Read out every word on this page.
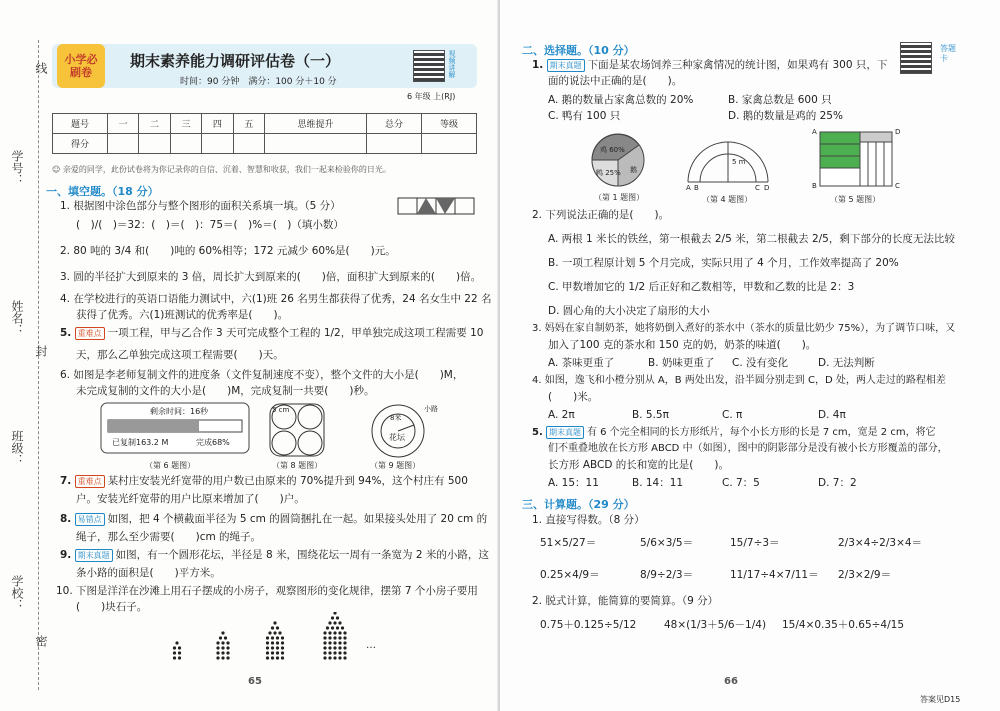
线
学号：
姓名：
封
班级：
学校：
密
小学必刷卷
期末素养能力调研评估卷（一）
时间：90 分钟　满分：100 分＋10 分
6 年级 上(RJ)
视频讲解
题号	一	二	三	四	五	思维提升	总分	等级
得分								
☺ 亲爱的同学，此份试卷将为你记录你的自信、沉着、智慧和收获，我们一起来检验你的日光。
一、填空题。（18 分）
1. 根据图中涂色部分与整个图形的面积关系填一填。（5 分）
(　)/(　)＝32：(　)＝(　)：75＝(　)%＝(　)（填小数）
2. 80 吨的 3/4 和(　　)吨的 60%相等；172 元减少 60%是(　　)元。
3. 圆的半径扩大到原来的 3 倍，周长扩大到原来的(　　)倍，面积扩大到原来的(　　)倍。
4. 在学校进行的英语口语能力测试中，六(1)班 26 名男生都获得了优秀，24 名女生中 22 名
获得了优秀。六(1)班测试的优秀率是(　　)。
5. 重难点 一项工程，甲与乙合作 3 天可完成整个工程的 1/2，甲单独完成这项工程需要 10
天，那么乙单独完成这项工程需要(　　)天。
6. 如图是李老师复制文件的进度条（文件复制速度不变），整个文件的大小是(　　)M，
未完成复制的文件的大小是(　　)M，完成复制一共要(　　)秒。
剩余时间：16秒
已复制163.2 M	完成68%
（第 6 题图）
5 cm
（第 8 题图）
8米
花坛
小路
（第 9 题图）
7. 重难点 某村庄安装光纤宽带的用户数已由原来的 70%提升到 94%，这个村庄有 500
户。安装光纤宽带的用户比原来增加了(　　)户。
8. 易错点 如图，把 4 个横截面半径为 5 cm 的圆筒捆扎在一起。如果接头处用了 20 cm 的
绳子，那么至少需要(　　)cm 的绳子。
9. 期末真题 如图，有一个圆形花坛，半径是 8 米，围绕花坛一周有一条宽为 2 米的小路，这
条小路的面积是(　　)平方米。
10. 下图是洋洋在沙滩上用石子摆成的小房子，观察图形的变化规律，摆第 7 个小房子要用
(　　)块石子。
…
65
二、选择题。（10 分）	答题卡
1. 期末真题 下面是某农场饲养三种家禽情况的统计图，如果鸡有 300 只，下
面的说法中正确的是(　　)。
A. 鹅的数量占家禽总数的 20%	B. 家禽总数是 600 只
C. 鸭有 100 只	D. 鹅的数量是鸡的 25%
鸡 60%
鸭 25% 鹅
（第 1 题图）
5 m
A B	C D
（第 4 题图）
A
B	C
D
（第 5 题图）
2. 下列说法正确的是(　　)。
A. 两根 1 米长的铁丝，第一根截去 2/5 米，第二根截去 2/5，剩下部分的长度无法比较
B. 一项工程原计划 5 个月完成，实际只用了 4 个月，工作效率提高了 20%
C. 甲数增加它的 1/2 后正好和乙数相等，甲数和乙数的比是 2：3
D. 圆心角的大小决定了扇形的大小
3. 妈妈在家自制奶茶，她将奶倒入煮好的茶水中（茶水的质量比奶少 75%），为了调节口味，又
加入了100 克的茶水和 150 克的奶，奶茶的味道(　　)。
A. 茶味更重了	B. 奶味更重了 C. 没有变化	D. 无法判断
4. 如图，逸飞和小橙分别从 A，B 两处出发，沿半圆分别走到 C，D 处，两人走过的路程相差
(　　)米。
A. 2π	B. 5.5π	C. π	D. 4π
5. 期末真题 有 6 个完全相同的长方形纸片，每个小长方形的长是 7 cm，宽是 2 cm，将它
们不重叠地放在长方形 ABCD 中（如图），图中的阴影部分是没有被小长方形覆盖的部分，
长方形 ABCD 的长和宽的比是(　　)。
A. 15：11	B. 14：11	C. 7：5	D. 7：2
三、计算题。（29 分）
1. 直接写得数。（8 分）
51×5/27＝	5/6×3/5＝	15/7÷3＝	2/3×4÷2/3×4＝
0.25×4/9＝	8/9÷2/3＝	11/17÷4×7/11＝ 2/3×2/9＝
2. 脱式计算，能简算的要简算。（9 分）
0.75＋0.125÷5/12	48×(1/3＋5/6－1/4) 15/4×0.35＋0.65÷4/15
66
答案见D15
